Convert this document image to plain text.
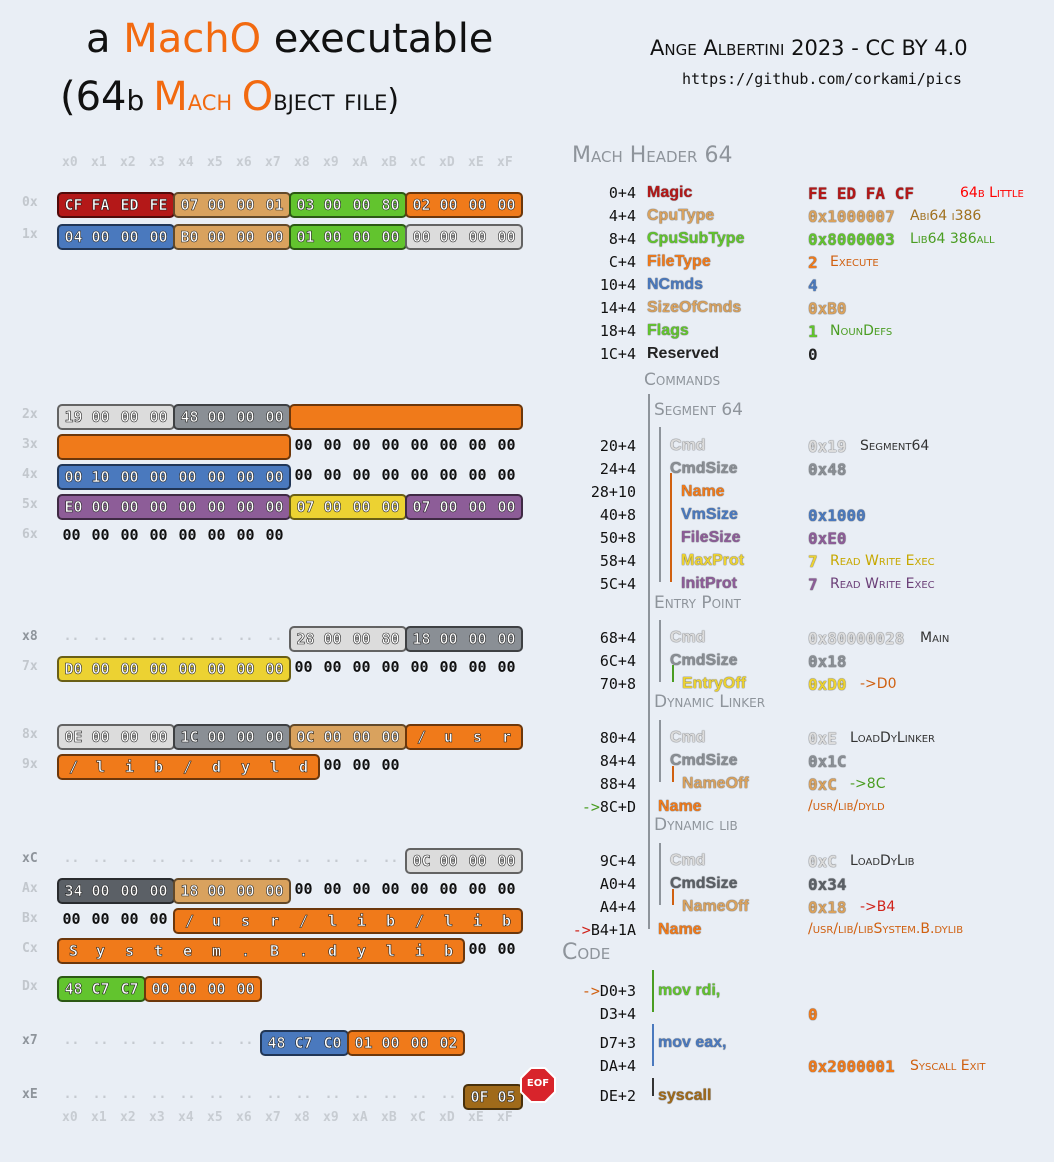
a MachO executable
(64b Mach Object file)
Ange Albertini 2023 - CC BY 4.0
https://github.com/corkami/pics
x0 x1 x2 x3 x4 x5 x6 x7 x8 x9 xA xB xC xD xE xF
x0 x1 x2 x3 x4 x5 x6 x7 x8 x9 xA xB xC xD xE xF
0x	CF FA ED FE 07 00 00 01 03 00 00 80 02 00 00 00
1x	04 00 00 00 B0 00 00 00 01 00 00 00 00 00 00 00
2x	19 00 00 00 48 00 00 00
3x	00 00 00 00 00 00 00 00
4x	00 10 00 00 00 00 00 00 00 00 00 00 00 00 00 00
5x	E0 00 00 00 00 00 00 00 07 00 00 00 07 00 00 00
6x	00 00 00 00 00 00 00 00
x8	..	..	..	..	..	..	..	.. 28 00 00 80 18 00 00 00
7x	D0 00 00 00 00 00 00 00 00 00 00 00 00 00 00 00
8x	0E 00 00 00 1C 00 00 00 0C 00 00 00	/	u	s	r
9x	/	l	i	b	/	d	y	l	d	00 00 00
xC	..	..	..	..	..	..	..	..	..	..	..	.. 0C 00 00 00
Ax	34 00 00 00 18 00 00 00 00 00 00 00 00 00 00 00
Bx	00 00 00 00	/	u	s	r	/	l	i	b	/	l	i	b
Cx	S	y	s	t	e	m	.	B	.	d	y	l	i	b	00 00
Dx	48 C7 C7 00 00 00 00
x7	..	..	..	..	..	..	.. 48 C7 C0 01 00 00 02
xE	..	..	..	..	..	..	..	..	..	..	..	..	..	.. 0F 05
0+4 Magic	FE ED FA CF	64b Little
4+4 CpuType	0x1000007 Abi64 i386
8+4 CpuSubType	0x8000003 Lib64 386all
C+4 FileType	2 Execute
10+4 NCmds	4
14+4 SizeOfCmds	0xB0
18+4 Flags	1 NounDefs
1C+4 Reserved	0
20+4 Cmd	0x19 Segment64
24+4 CmdSize	0x48
28+10	Name
40+8	VmSize	0x1000
50+8	FileSize	0xE0
58+4	MaxProt	7 Read Write Exec
5C+4	InitProt	7 Read Write Exec
68+4 Cmd	0x80000028 Main
6C+4 CmdSize	0x18
70+8	EntryOff	0xD0 ->D0
80+4 Cmd	0xE LoadDyLinker
84+4 CmdSize	0x1C
88+4	NameOff	0xC ->8C
->8C+D Name	/usr/lib/dyld
9C+4 Cmd	0xC LoadDyLib
A0+4 CmdSize	0x34
A4+4	NameOff	0x18 ->B4
->B4+1A Name	/usr/lib/libSystem.B.dylib
->D0+3 mov rdi,
D3+4	0
D7+3 mov eax,
DA+4	0x2000001 Syscall Exit
DE+2 syscall
Mach Header 64
Commands
Segment 64
Entry Point
Dynamic Linker
Dynamic lib
Code
EOF
